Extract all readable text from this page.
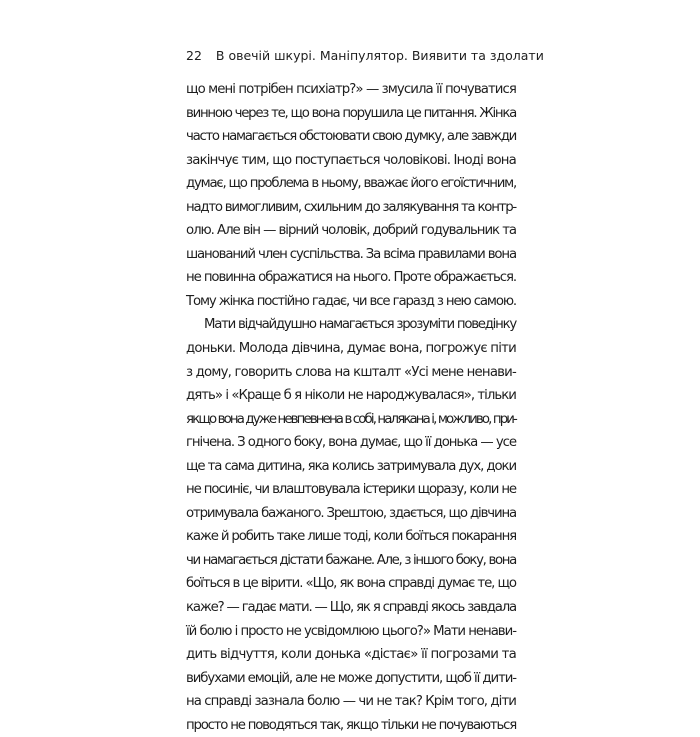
22 В овечій шкурі. Маніпулятор. Виявити та здолати
що мені потрібен психіатр?» — змусила її почуватися
винною через те, що вона порушила це питання. Жінка
часто намагається обстоювати свою думку, але завжди
закінчує тим, що поступається чоловікові. Іноді вона
думає, що проблема в ньому, вважає його егоїстичним,
надто вимогливим, схильним до залякування та контр-
олю. Але він — вірний чоловік, добрий годувальник та
шанований член суспільства. За всіма правилами вона
не повинна ображатися на нього. Проте ображається.
Тому жінка постійно гадає, чи все гаразд з нею самою.
Мати відчайдушно намагається зрозуміти поведінку
доньки. Молода дівчина, думає вона, погрожує піти
з дому, говорить слова на кшталт «Усі мене ненави-
дять» і «Краще б я ніколи не народжувалася», тільки
якщо вона дуже невпевнена в собі, налякана і, можливо, при-
гнічена. З одного боку, вона думає, що її донька — усе
ще та сама дитина, яка колись затримувала дух, доки
не посиніє, чи влаштовувала істерики щоразу, коли не
отримувала бажаного. Зрештою, здається, що дівчина
каже й робить таке лише тоді, коли боїться покарання
чи намагається дістати бажане. Але, з іншого боку, вона
боїться в це вірити. «Що, як вона справді думає те, що
каже? — гадає мати. — Що, як я справді якось завдала
їй болю і просто не усвідомлюю цього?» Мати ненави-
дить відчуття, коли донька «дістає» її погрозами та
вибухами емоцій, але не може допустити, щоб її дити-
на справді зазнала болю — чи не так? Крім того, діти
просто не поводяться так, якщо тільки не почуваються
